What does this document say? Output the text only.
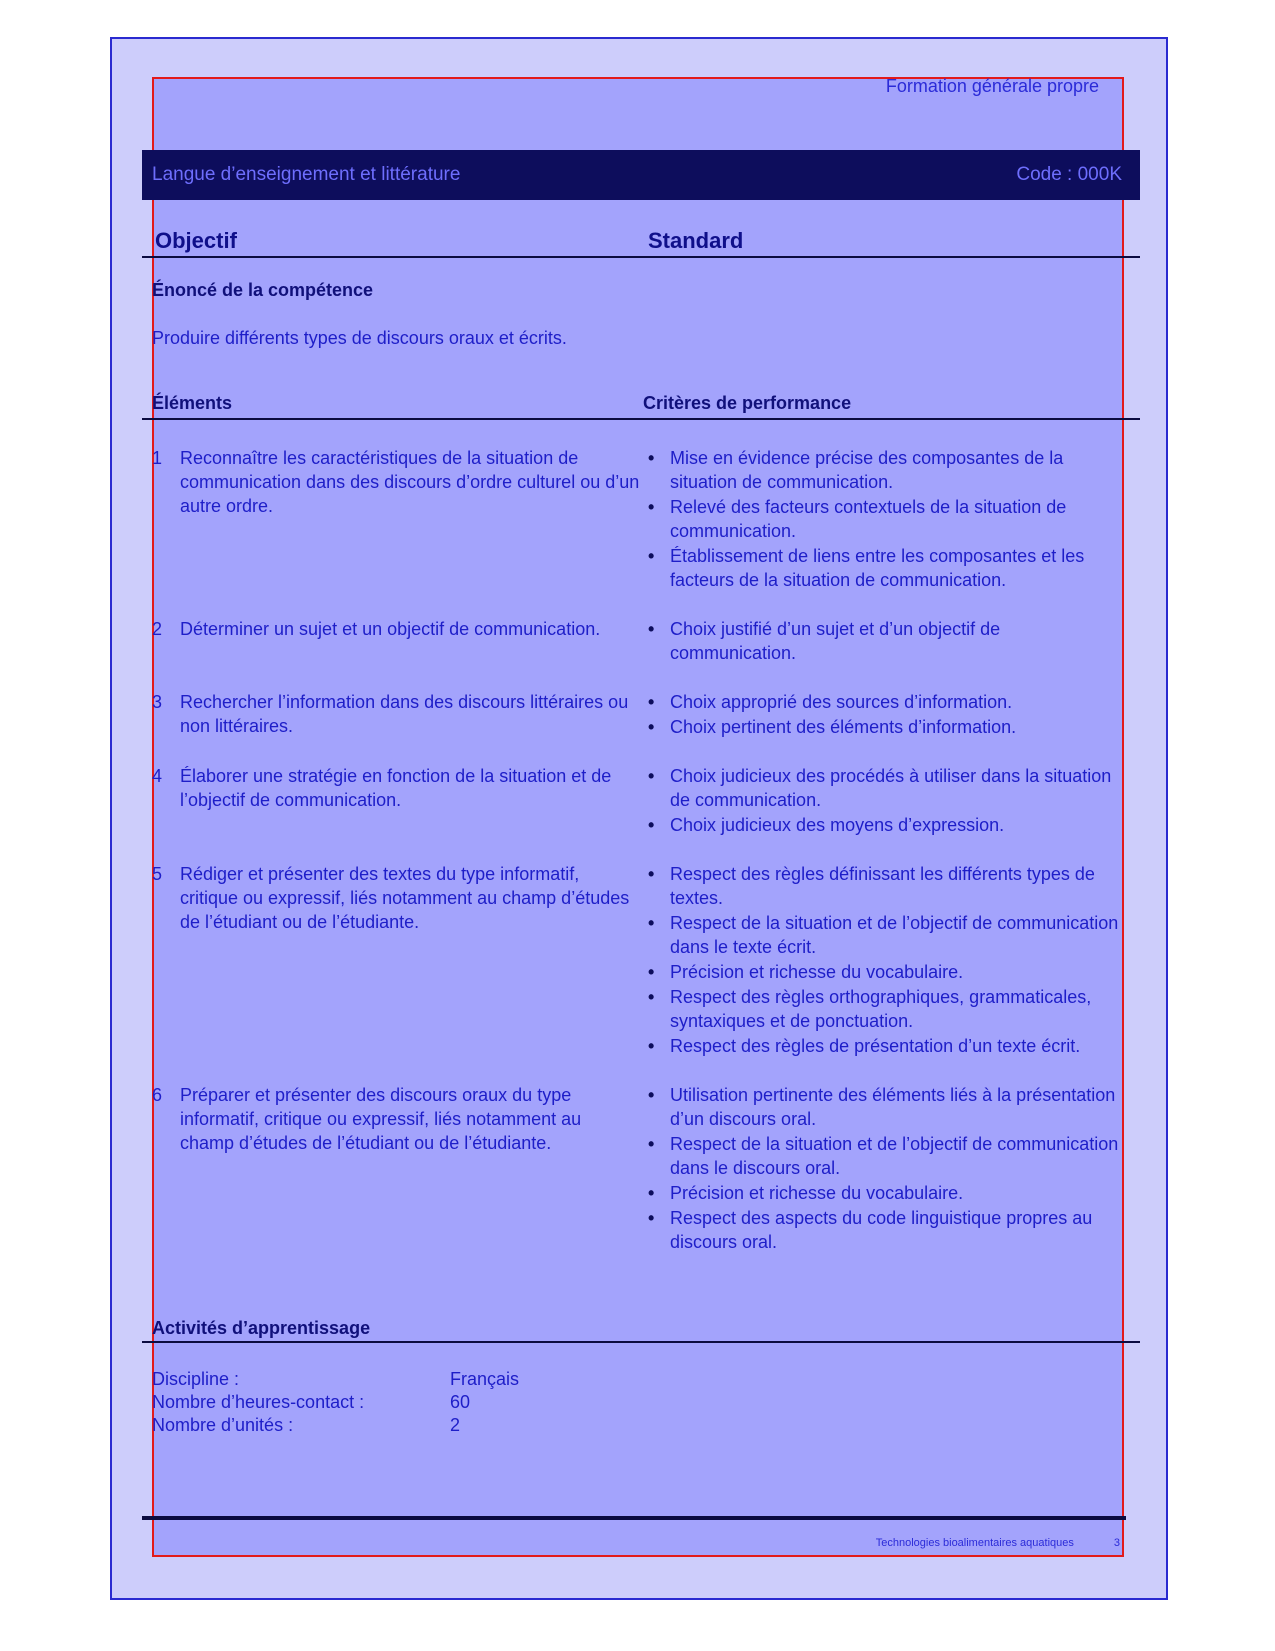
Formation générale propre
Langue d’enseignement et littérature	Code : 000K
Objectif	Standard
Énoncé de la compétence
Produire différents types de discours oraux et écrits.
Éléments	Critères de performance
1 Reconnaître les caractéristiques de la situation de communication dans des discours d’ordre culturel ou d’un autre ordre.
• Mise en évidence précise des composantes de la situation de communication.
• Relevé des facteurs contextuels de la situation de communication.
• Établissement de liens entre les composantes et les facteurs de la situation de communication.
2 Déterminer un sujet et un objectif de communication.	• Choix justifié d’un sujet et d’un objectif de communication.
3 Rechercher l’information dans des discours littéraires ou non littéraires.
• Choix approprié des sources d’information.
• Choix pertinent des éléments d’information.
4 Élaborer une stratégie en fonction de la situation et de l’objectif de communication.
• Choix judicieux des procédés à utiliser dans la situation de communication.
• Choix judicieux des moyens d’expression.
5 Rédiger et présenter des textes du type informatif, critique ou expressif, liés notamment au champ d’études de l’étudiant ou de l’étudiante.
• Respect des règles définissant les différents types de textes.
• Respect de la situation et de l’objectif de communication dans le texte écrit.
• Précision et richesse du vocabulaire.
• Respect des règles orthographiques, grammaticales, syntaxiques et de ponctuation.
• Respect des règles de présentation d’un texte écrit.
6 Préparer et présenter des discours oraux du type informatif, critique ou expressif, liés notamment au champ d’études de l’étudiant ou de l’étudiante.
• Utilisation pertinente des éléments liés à la présentation d’un discours oral.
• Respect de la situation et de l’objectif de communication dans le discours oral.
• Précision et richesse du vocabulaire.
• Respect des aspects du code linguistique propres au discours oral.
Activités d’apprentissage
Discipline :	Français
Nombre d’heures-contact :	60
Nombre d’unités :	2
Technologies bioalimentaires aquatiques	3
